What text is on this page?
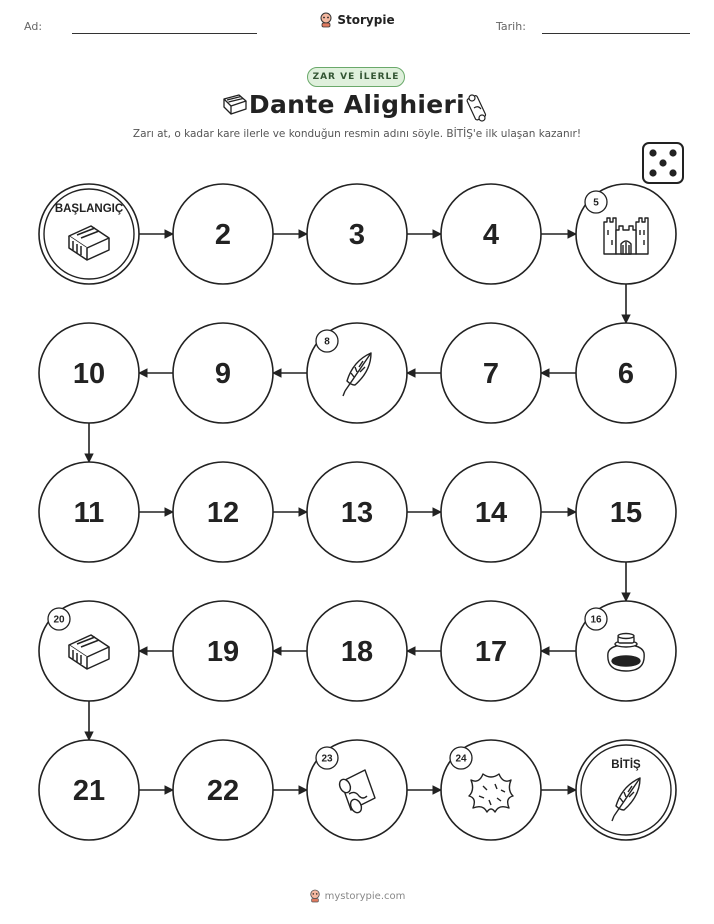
Ad:	Tarih:
Storypie
ZAR VE İLERLE
Dante Alighieri
Zarı at, o kadar kare ilerle ve konduğun resmin adını söyle. BİTİŞ'e ilk ulaşan kazanır!
BAŞLANGIÇ
2	3	4
5
6
7
8
9
10
11	12	13	14	15
16
17
18
19
20
21	22
23	24	BİTİŞ
mystorypie.com
